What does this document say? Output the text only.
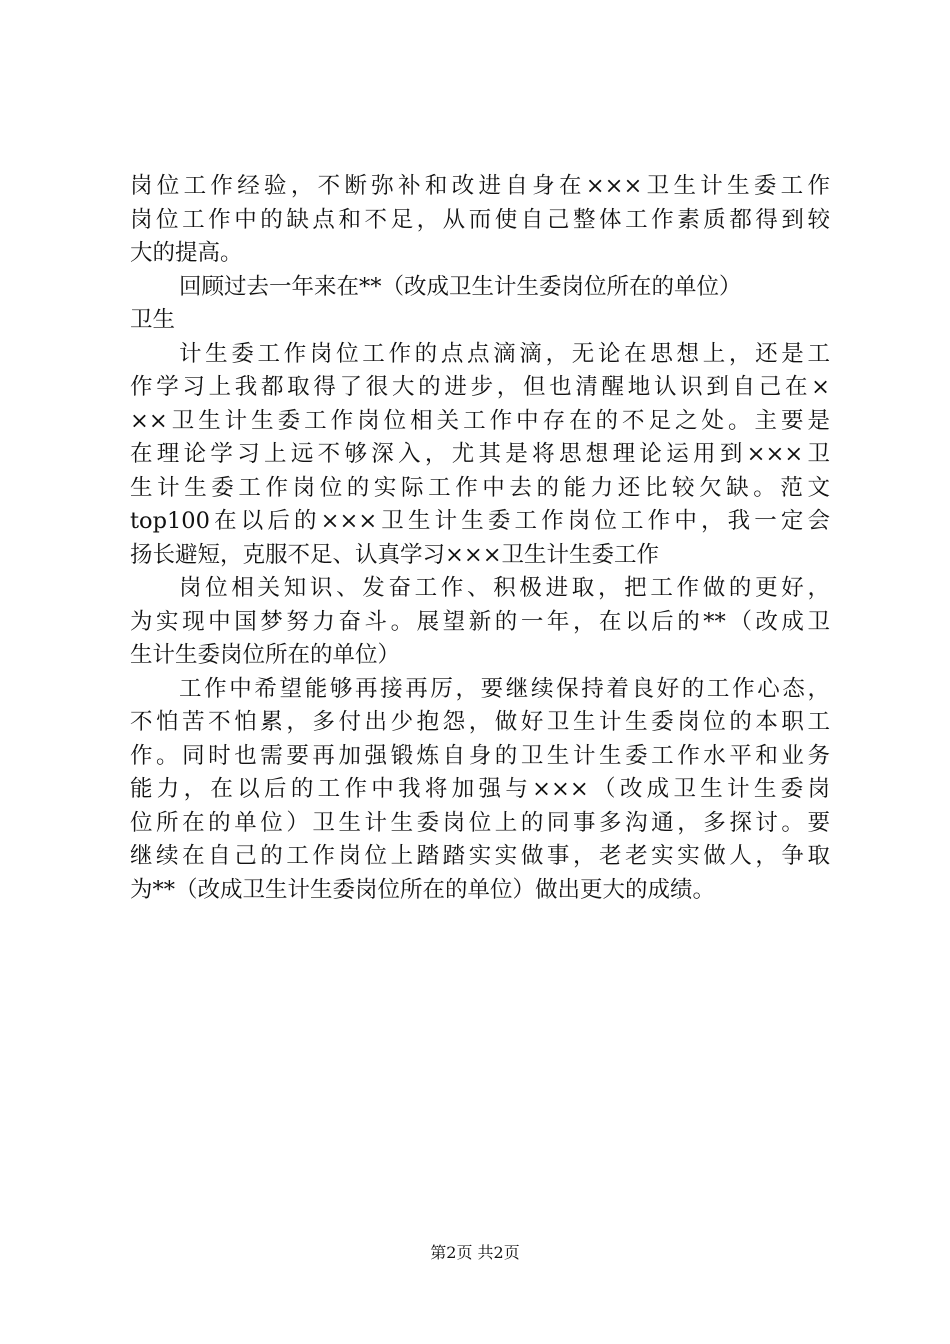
岗位工作经验，不断弥补和改进自身在×××卫生计生委工作
岗位工作中的缺点和不足，从而使自己整体工作素质都得到较
大的提高。
回顾过去一年来在**（改成卫生计生委岗位所在的单位）
卫生
计生委工作岗位工作的点点滴滴，无论在思想上，还是工
作学习上我都取得了很大的进步，但也清醒地认识到自己在×
××卫生计生委工作岗位相关工作中存在的不足之处。主要是
在理论学习上远不够深入，尤其是将思想理论运用到×××卫
生计生委工作岗位的实际工作中去的能力还比较欠缺。范文
top100在以后的×××卫生计生委工作岗位工作中，我一定会
扬长避短，克服不足、认真学习×××卫生计生委工作
岗位相关知识、发奋工作、积极进取，把工作做的更好，
为实现中国梦努力奋斗。展望新的一年，在以后的**（改成卫
生计生委岗位所在的单位）
工作中希望能够再接再厉，要继续保持着良好的工作心态，
不怕苦不怕累，多付出少抱怨，做好卫生计生委岗位的本职工
作。同时也需要再加强锻炼自身的卫生计生委工作水平和业务
能力，在以后的工作中我将加强与×××（改成卫生计生委岗
位所在的单位）卫生计生委岗位上的同事多沟通，多探讨。要
继续在自己的工作岗位上踏踏实实做事，老老实实做人，争取
为**（改成卫生计生委岗位所在的单位）做出更大的成绩。
第2页 共2页
